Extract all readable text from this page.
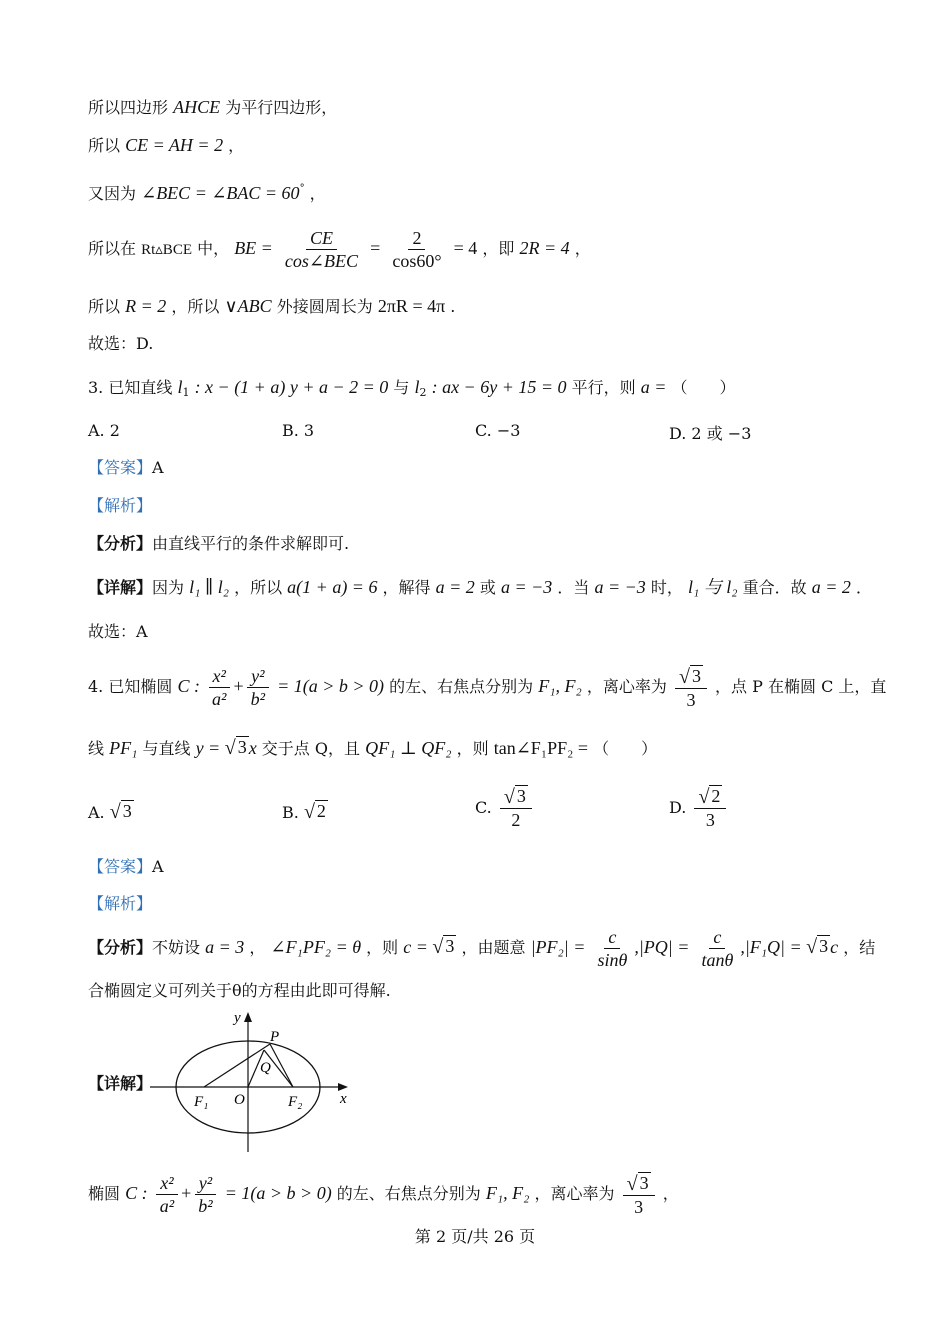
所以四边形 AHCE 为平行四边形，
所以 CE = AH = 2 ，
又因为 ∠BEC = ∠BAC = 60° ，
所以在 Rt▵BCE 中， BE = $\frac{CE}{\text{cos∠BEC}} = \frac{2}{\cos 60^\circ} = 4$ ，即 2R = 4 ，
所以 R = 2 ，所以 ∨ABC 外接圆周长为 2πR = 4π .
故选：D.
3. 已知直线 $l_1$ : x − (1 + a) y + a − 2 = 0 与 $l_2$ : ax − 6y + 15 = 0 平行，则 a = （　　）
A. 2	B. 3	C. −3	D. 2 或 −3
【答案】A
【解析】
【分析】由直线平行的条件求解即可.
【详解】因为 l₁ ∥ l₂ ，所以 a(1 + a) = 6 ，解得 a = 2 或 a = −3 ．当 a = −3 时， l₁ 与 l₂ 重合．故 a = 2 ．
故选：A
4. 已知椭圆 C : $\frac{\text{x²}}{\text{a²}} + \frac{\text{y²}}{\text{b²}} = 1(a > b > 0)$ 的左、右焦点分别为 F₁, F₂ ，离心率为 $\frac{√ 3}{3}$ ，点 P 在椭圆 C 上，直
线 PF₁ 与直线 y = √ 3 x 交于点 Q，且 QF₁ ⊥ QF₂ ，则 tan∠F₁PF₂ = （　　）
A. √ 3	B. √ 2	C. $\frac{√ 3}{2}$	D. $\frac{√ 2}{3}$
【答案】A
【解析】
【分析】不妨设 a = 3 ， ∠F₁PF₂ = θ ，则 c = √ 3 ，由题意 $|PF_2| = \frac{c}{\sin\theta} ,|PQ| = \frac{c}{\tan\theta} ,|F_1Q|$ = √ 3 c ，结
合椭圆定义可列关于θ的方程由此即可得解.
【详解】
y
x
P
Q
O
F₁	F₂
椭圆 C : $\frac{\text{x²}}{\text{a²}} + \frac{\text{y²}}{\text{b²}} = 1(a > b > 0)$ 的左、右焦点分别为 F₁, F₂ ，离心率为 $\frac{√ 3}{3}$ ，
第 2 页/共 26 页
